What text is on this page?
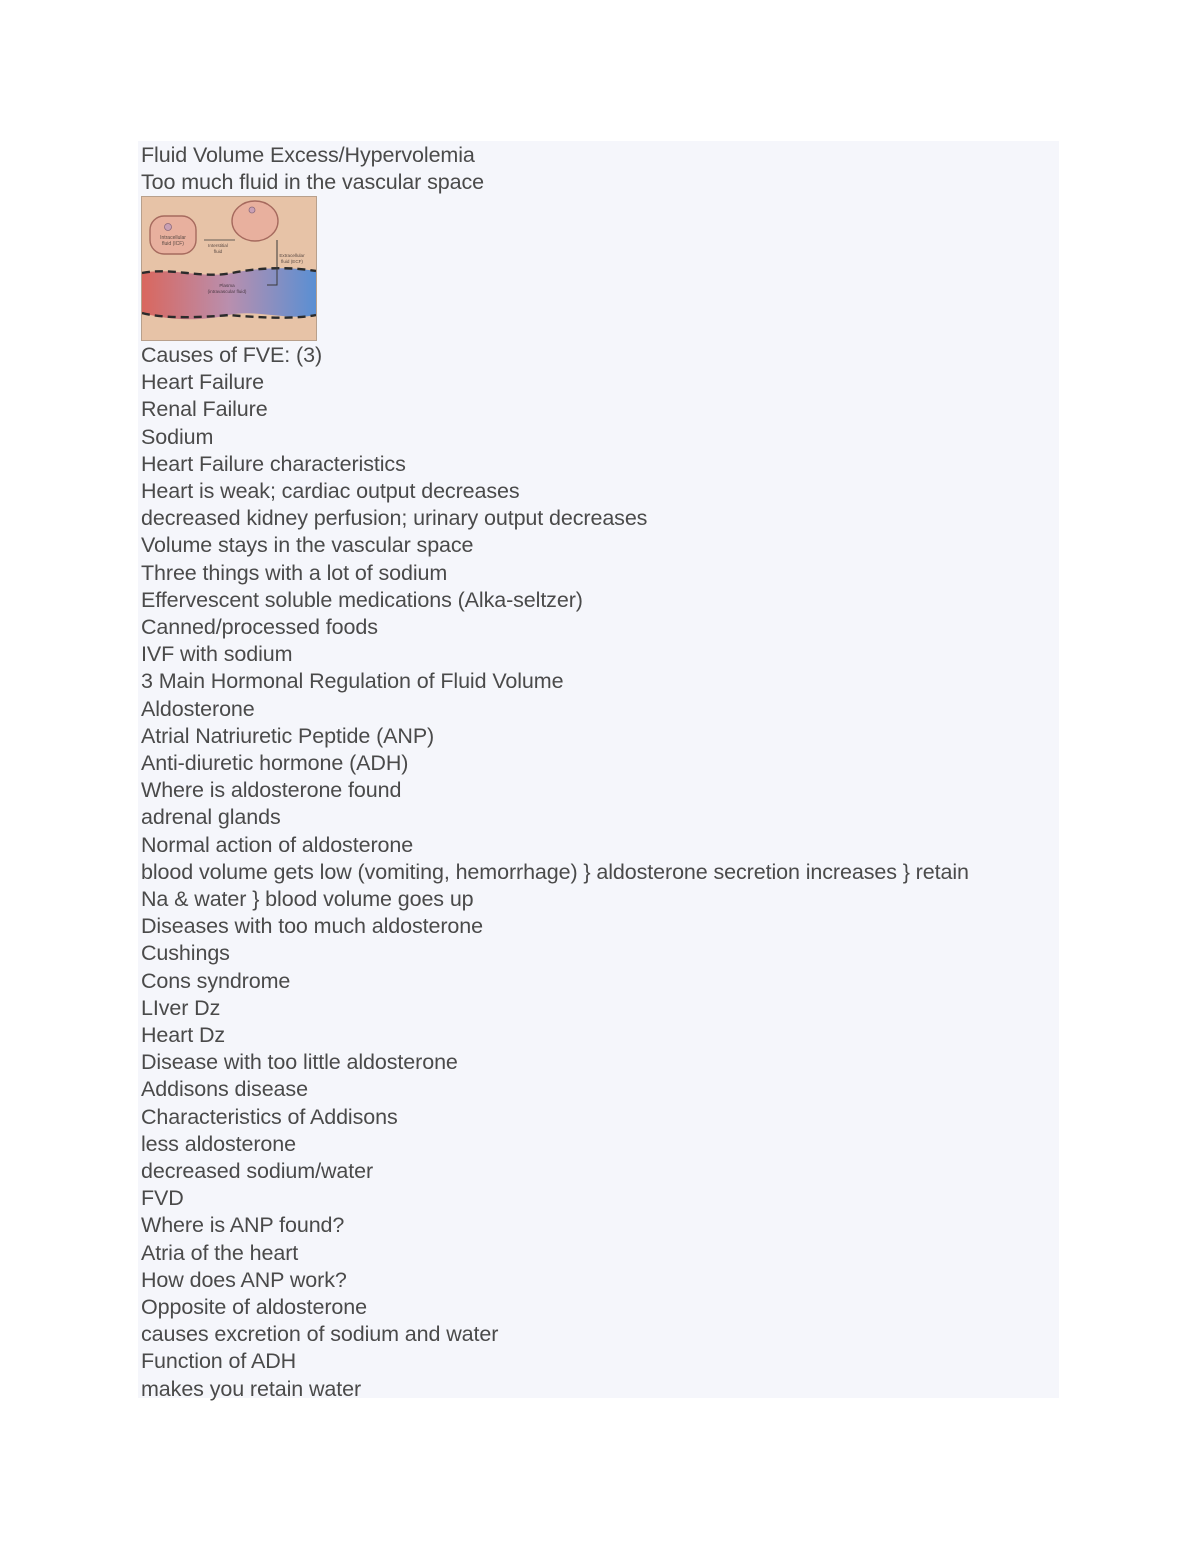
Fluid Volume Excess/Hypervolemia
Too much fluid in the vascular space
Intracellular
fluid (ICF)	Interstitial
fluid
Extracellular
fluid (ECF)
Plasma
(intravascular fluid)
Causes of FVE: (3)
Heart Failure
Renal Failure
Sodium
Heart Failure characteristics
Heart is weak; cardiac output decreases
decreased kidney perfusion; urinary output decreases
Volume stays in the vascular space
Three things with a lot of sodium
Effervescent soluble medications (Alka-seltzer)
Canned/processed foods
IVF with sodium
3 Main Hormonal Regulation of Fluid Volume
Aldosterone
Atrial Natriuretic Peptide (ANP)
Anti-diuretic hormone (ADH)
Where is aldosterone found
adrenal glands
Normal action of aldosterone
blood volume gets low (vomiting, hemorrhage) } aldosterone secretion increases } retain
Na & water } blood volume goes up
Diseases with too much aldosterone
Cushings
Cons syndrome
LIver Dz
Heart Dz
Disease with too little aldosterone
Addisons disease
Characteristics of Addisons
less aldosterone
decreased sodium/water
FVD
Where is ANP found?
Atria of the heart
How does ANP work?
Opposite of aldosterone
causes excretion of sodium and water
Function of ADH
makes you retain water
